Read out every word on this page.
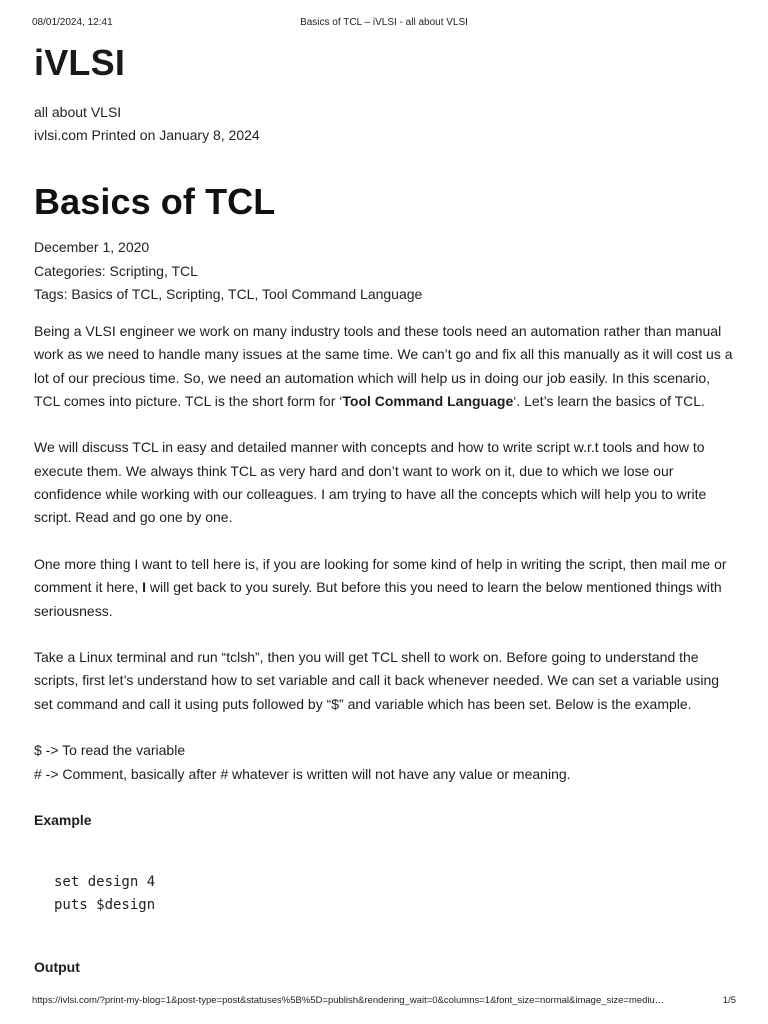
08/01/2024, 12:41	Basics of TCL – iVLSI - all about VLSI
iVLSI
all about VLSI
ivlsi.com Printed on January 8, 2024
Basics of TCL
December 1, 2020
Categories: Scripting, TCL
Tags: Basics of TCL, Scripting, TCL, Tool Command Language

Being a VLSI engineer we work on many industry tools and these tools need an automation rather than manual work as we need to handle many issues at the same time. We can’t go and fix all this manually as it will cost us a lot of our precious time. So, we need an automation which will help us in doing our job easily. In this scenario, TCL comes into picture. TCL is the short form for ‘Tool Command Language‘. Let’s learn the basics of TCL.

We will discuss TCL in easy and detailed manner with concepts and how to write script w.r.t tools and how to execute them. We always think TCL as very hard and don’t want to work on it, due to which we lose our confidence while working with our colleagues. I am trying to have all the concepts which will help you to write script. Read and go one by one.

One more thing I want to tell here is, if you are looking for some kind of help in writing the script, then mail me or comment it here, I will get back to you surely. But before this you need to learn the below mentioned things with seriousness.

Take a Linux terminal and run “tclsh”, then you will get TCL shell to work on. Before going to understand the scripts, first let’s understand how to set variable and call it back whenever needed. We can set a variable using set command and call it using puts followed by “$” and variable which has been set. Below is the example.

$ -> To read the variable
# -> Comment, basically after # whatever is written will not have any value or meaning.

Example

set design 4
puts $design

Output

https://ivlsi.com/?print-my-blog=1&post-type=post&statuses%5B%5D=publish&rendering_wait=0&columns=1&font_size=normal&image_size=mediu…	1/5
